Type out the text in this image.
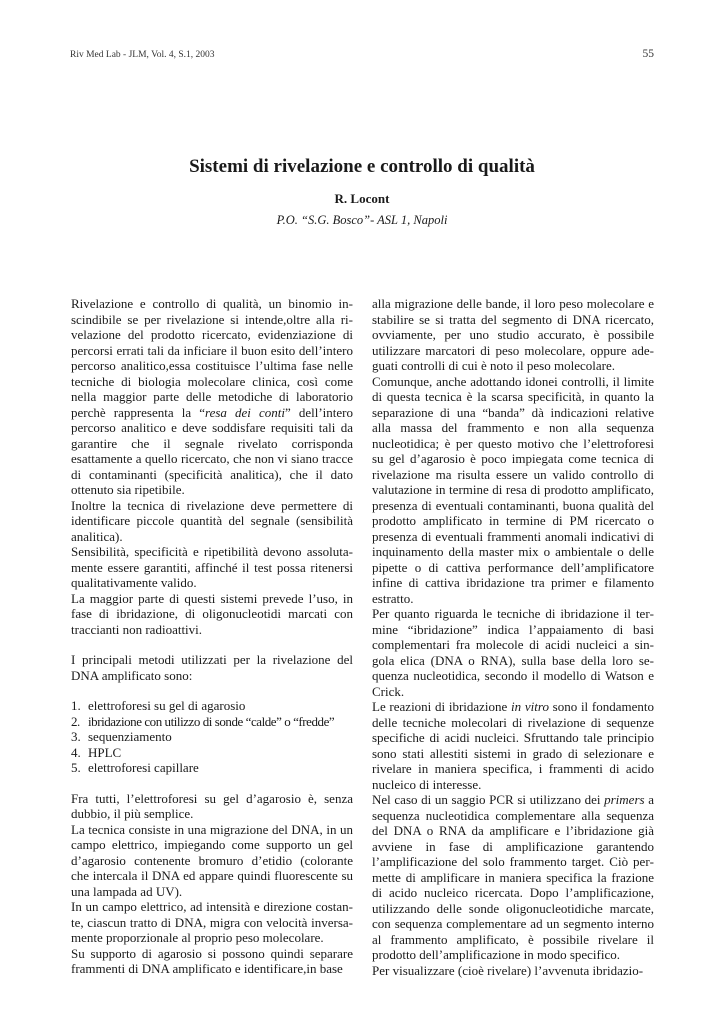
Riv Med Lab - JLM, Vol. 4, S.1, 2003	55
Sistemi di rivelazione e controllo di qualità
R. Locont
P.O. “S.G. Bosco”- ASL 1, Napoli

Rivelazione e controllo di qualità, un binomio inscindibile se per rivelazione si intende,oltre alla rivelazione del prodotto ricercato, evidenziazione di percorsi errati tali da inficiare il buon esito dell’intero percorso analitico,essa costituisce l’ultima fase nelle tecniche di biologia molecolare clinica, così come nella maggior parte delle metodiche di laboratorio perchè rappresenta la “resa dei conti” dell’intero percorso analitico e deve soddisfare requisiti tali da garantire che il segnale rivelato corrisponda esattamente a quello ricercato, che non vi siano tracce di contaminanti (specificità analitica), che il dato ottenuto sia ripetibile.

Inoltre la tecnica di rivelazione deve permettere di identificare piccole quantità del segnale (sensibilità analitica).

Sensibilità, specificità e ripetibilità devono assolutamente essere garantiti, affinché il test possa ritenersi qualitativamente valido.

La maggior parte di questi sistemi prevede l’uso, in fase di ibridazione, di oligonucleotidi marcati con traccianti non radioattivi.

I principali metodi utilizzati per la rivelazione del DNA amplificato sono:

1. elettroforesi su gel di agarosio
2. ibridazione con utilizzo di sonde “calde” o “fredde”
3. sequenziamento
4. HPLC
5. elettroforesi capillare

Fra tutti, l’elettroforesi su gel d’agarosio è, senza dubbio, il più semplice.

La tecnica consiste in una migrazione del DNA, in un campo elettrico, impiegando come supporto un gel d’agarosio contenente bromuro d’etidio (colorante che intercala il DNA ed appare quindi fluorescente su una lampada ad UV).

In un campo elettrico, ad intensità e direzione costante, ciascun tratto di DNA, migra con velocità inversamente proporzionale al proprio peso molecolare.

Su supporto di agarosio si possono quindi separare frammenti di DNA amplificato e identificare,in base

alla migrazione delle bande, il loro peso molecolare e stabilire se si tratta del segmento di DNA ricercato, ovviamente, per uno studio accurato, è possibile utilizzare marcatori di peso molecolare, oppure adeguati controlli di cui è noto il peso molecolare.

Comunque, anche adottando idonei controlli, il limite di questa tecnica è la scarsa specificità, in quanto la separazione di una “banda” dà indicazioni relative alla massa del frammento e non alla sequenza nucleotidica; è per questo motivo che l’elettroforesi su gel d’agarosio è poco impiegata come tecnica di rivelazione ma risulta essere un valido controllo di valutazione in termine di resa di prodotto amplificato, presenza di eventuali contaminanti, buona qualità del prodotto amplificato in termine di PM ricercato o presenza di eventuali frammenti anomali indicativi di inquinamento della master mix o ambientale o delle pipette o di cattiva performance dell’amplificatore infine di cattiva ibridazione tra primer e filamento estratto.

Per quanto riguarda le tecniche di ibridazione il termine “ibridazione” indica l’appaiamento di basi complementari fra molecole di acidi nucleici a singola elica (DNA o RNA), sulla base della loro sequenza nucleotidica, secondo il modello di Watson e Crick.

Le reazioni di ibridazione in vitro sono il fondamento delle tecniche molecolari di rivelazione di sequenze specifiche di acidi nucleici. Sfruttando tale principio sono stati allestiti sistemi in grado di selezionare e rivelare in maniera specifica, i frammenti di acido nucleico di interesse.

Nel caso di un saggio PCR si utilizzano dei primers a sequenza nucleotidica complementare alla sequenza del DNA o RNA da amplificare e l’ibridazione già avviene in fase di amplificazione garantendo l’amplificazione del solo frammento target. Ciò permette di amplificare in maniera specifica la frazione di acido nucleico ricercata. Dopo l’amplificazione, utilizzando delle sonde oligonucleotidiche marcate, con sequenza complementare ad un segmento interno al frammento amplificato, è possibile rivelare il prodotto dell’amplificazione in modo specifico.

Per visualizzare (cioè rivelare) l’avvenuta ibridazio-
